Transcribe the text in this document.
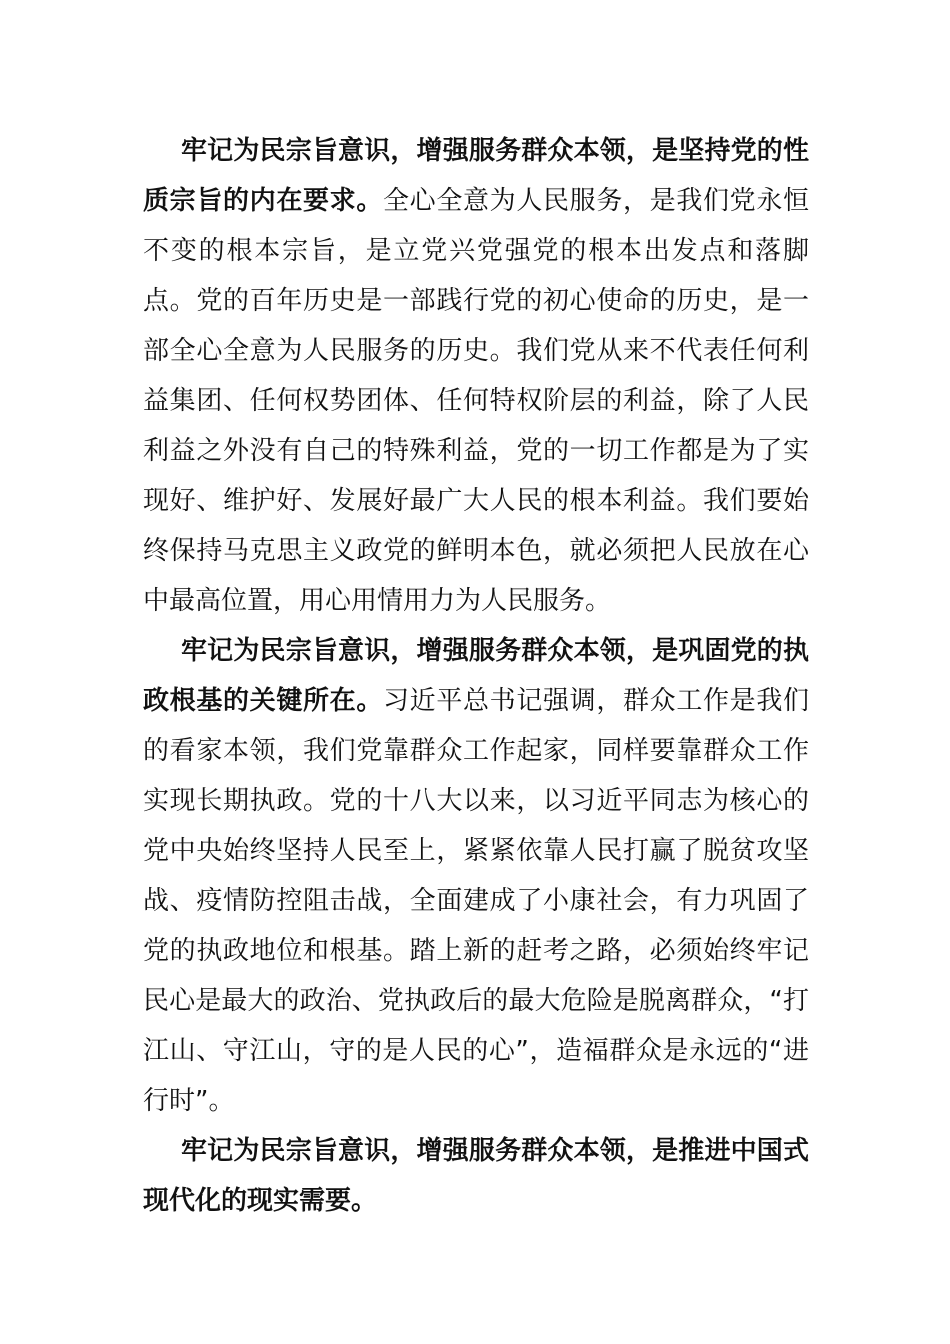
牢记为民宗旨意识，增强服务群众本领，是坚持党的性质宗旨的内在要求。全心全意为人民服务，是我们党永恒不变的根本宗旨，是立党兴党强党的根本出发点和落脚点。党的百年历史是一部践行党的初心使命的历史，是一部全心全意为人民服务的历史。我们党从来不代表任何利益集团、任何权势团体、任何特权阶层的利益，除了人民利益之外没有自己的特殊利益，党的一切工作都是为了实现好、维护好、发展好最广大人民的根本利益。我们要始终保持马克思主义政党的鲜明本色，就必须把人民放在心中最高位置，用心用情用力为人民服务。

牢记为民宗旨意识，增强服务群众本领，是巩固党的执政根基的关键所在。习近平总书记强调，群众工作是我们的看家本领，我们党靠群众工作起家，同样要靠群众工作实现长期执政。党的十八大以来，以习近平同志为核心的党中央始终坚持人民至上，紧紧依靠人民打赢了脱贫攻坚战、疫情防控阻击战，全面建成了小康社会，有力巩固了党的执政地位和根基。踏上新的赶考之路，必须始终牢记民心是最大的政治、党执政后的最大危险是脱离群众，“打江山、守江山，守的是人民的心”，造福群众是永远的“进行时”。

牢记为民宗旨意识，增强服务群众本领，是推进中国式现代化的现实需要。
